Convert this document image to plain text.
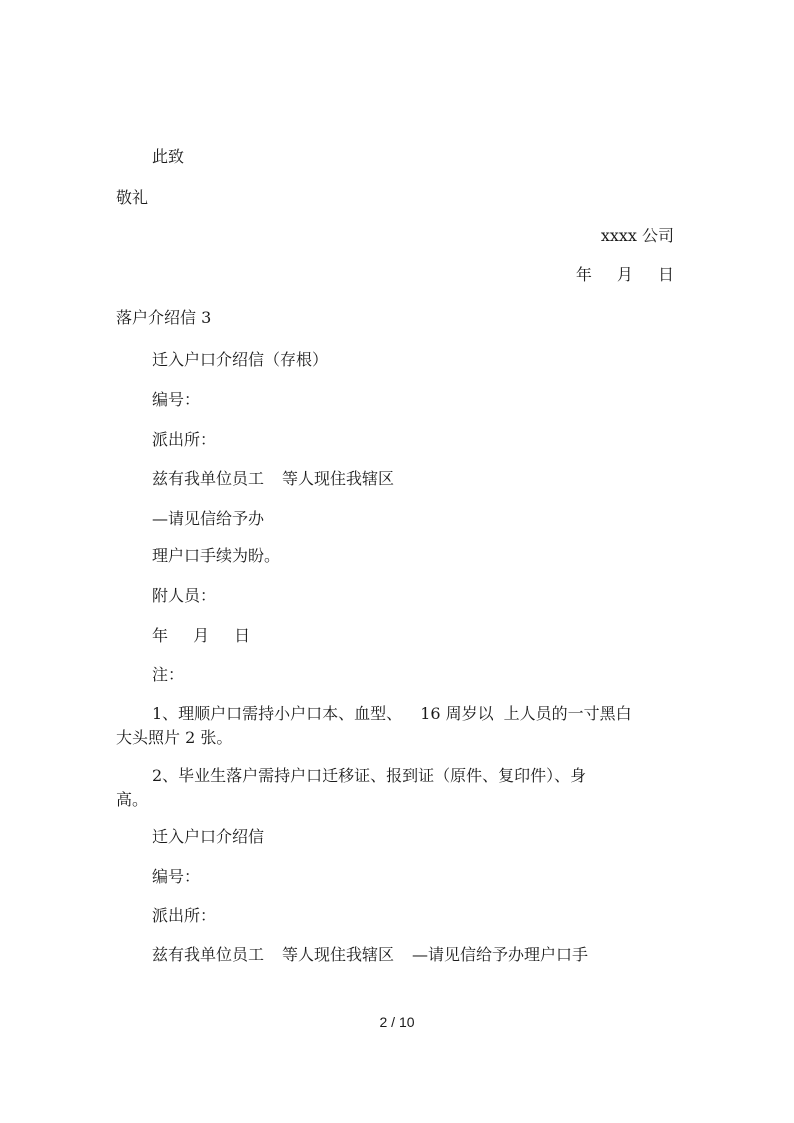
此致
敬礼
xxxx 公司
年 月 日
落户介绍信 3
迁入户口介绍信（存根）
编号：
派出所：
兹有我单位员工 等人现住我辖区
—请见信给予办
理户口手续为盼。
附人员：
年 月 日
注：
1、理顺户口需持小户口本、血型、 16 周岁以 上人员的一寸黑白
大头照片 2 张。
2、毕业生落户需持户口迁移证、报到证（原件、复印件）、身
高。
迁入户口介绍信
编号：
派出所：
兹有我单位员工 等人现住我辖区 —请见信给予办理户口手
2 / 10
